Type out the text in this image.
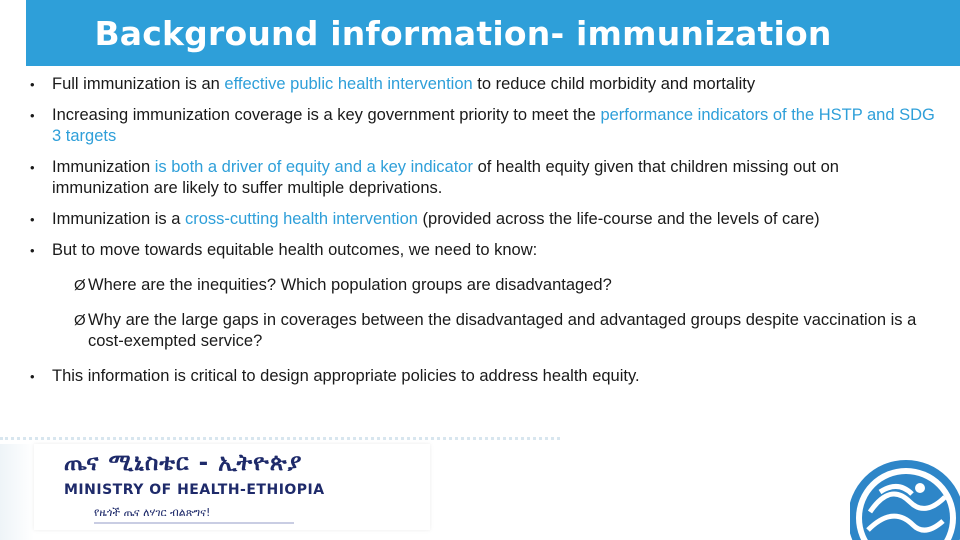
Background information- immunization
•	Full immunization is an effective public health intervention to reduce child morbidity and mortality
•	Increasing immunization coverage is a key government priority to meet the performance indicators of the HSTP and SDG 3 targets
•	Immunization is both a driver of equity and a key indicator of health equity given that children missing out on immunization are likely to suffer multiple deprivations.
•	Immunization is a cross-cutting health intervention (provided across the life-course and the levels of care)
•	But to move towards equitable health outcomes, we need to know:
Ø Where are the inequities? Which population groups are disadvantaged?
Ø Why are the large gaps in coverages between the disadvantaged and advantaged groups despite vaccination is a cost-exempted service?
•	This information is critical to design appropriate policies to address health equity.
ጤና ሚኒስቴር - ኢትዮጵያ
MINISTRY OF HEALTH-ETHIOPIA
የዜጎች ጤና ለሃገር ብልጽግና!
